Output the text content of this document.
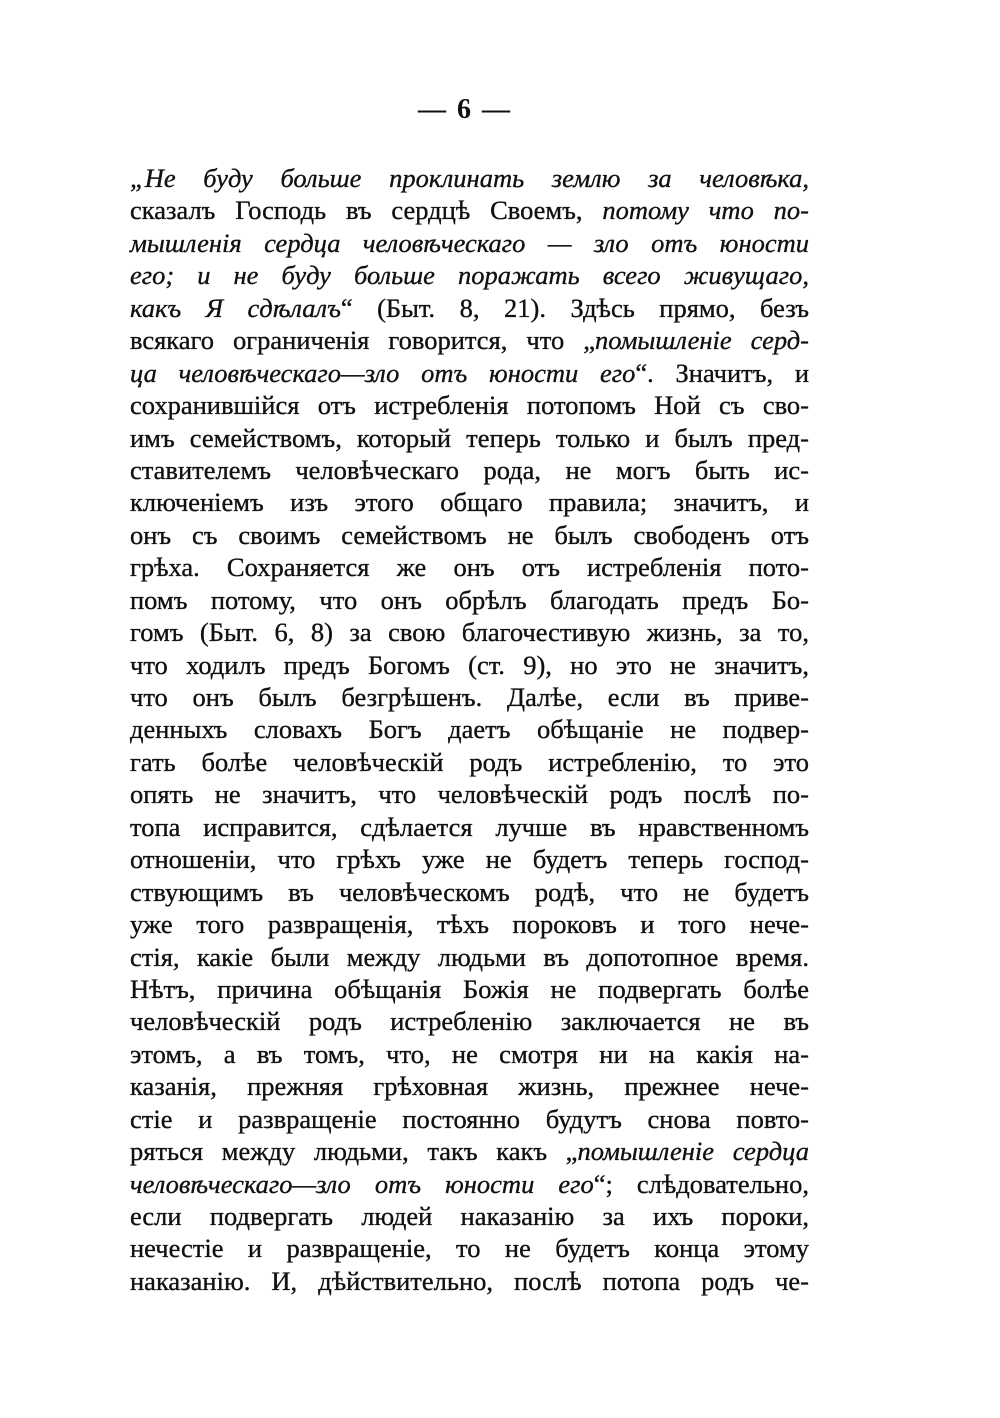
— 6 —
„Не буду больше проклинать землю за человѣка,
сказалъ Господь въ сердцѣ Своемъ, потому что по-
мышленія сердца человѣческаго — зло отъ юности
его; и не буду больше поражать всего живущаго,
какъ Я сдѣлалъ“ (Быт. 8, 21). Здѣсь прямо, безъ
всякаго ограниченія говорится, что „помышленіе серд-
ца человѣческаго—зло отъ юности его“. Значитъ, и
сохранившійся отъ истребленія потопомъ Ной съ сво-
имъ семействомъ, который теперь только и былъ пред-
ставителемъ человѣческаго рода, не могъ быть ис-
ключеніемъ изъ этого общаго правила; значитъ, и
онъ съ своимъ семействомъ не былъ свободенъ отъ
грѣха. Сохраняется же онъ отъ истребленія пото-
помъ потому, что онъ обрѣлъ благодать предъ Бо-
гомъ (Быт. 6, 8) за свою благочестивую жизнь, за то,
что ходилъ предъ Богомъ (ст. 9), но это не значитъ,
что онъ былъ безгрѣшенъ. Далѣе, если въ приве-
денныхъ словахъ Богъ даетъ обѣщаніе не подвер-
гать болѣе человѣческій родъ истребленію, то это
опять не значитъ, что человѣческій родъ послѣ по-
топа исправится, сдѣлается лучше въ нравственномъ
отношеніи, что грѣхъ уже не будетъ теперь господ-
ствующимъ въ человѣческомъ родѣ, что не будетъ
уже того развращенія, тѣхъ пороковъ и того нече-
стія, какіе были между людьми въ допотопное время.
Нѣтъ, причина обѣщанія Божія не подвергать болѣе
человѣческій родъ истребленію заключается не въ
этомъ, а въ томъ, что, не смотря ни на какія на-
казанія, прежняя грѣховная жизнь, прежнее нече-
стіе и развращеніе постоянно будутъ снова повто-
ряться между людьми, такъ какъ „помышленіе сердца
человѣческаго—зло отъ юности его“; слѣдовательно,
если подвергать людей наказанію за ихъ пороки,
нечестіе и развращеніе, то не будетъ конца этому
наказанію. И, дѣйствительно, послѣ потопа родъ че-
